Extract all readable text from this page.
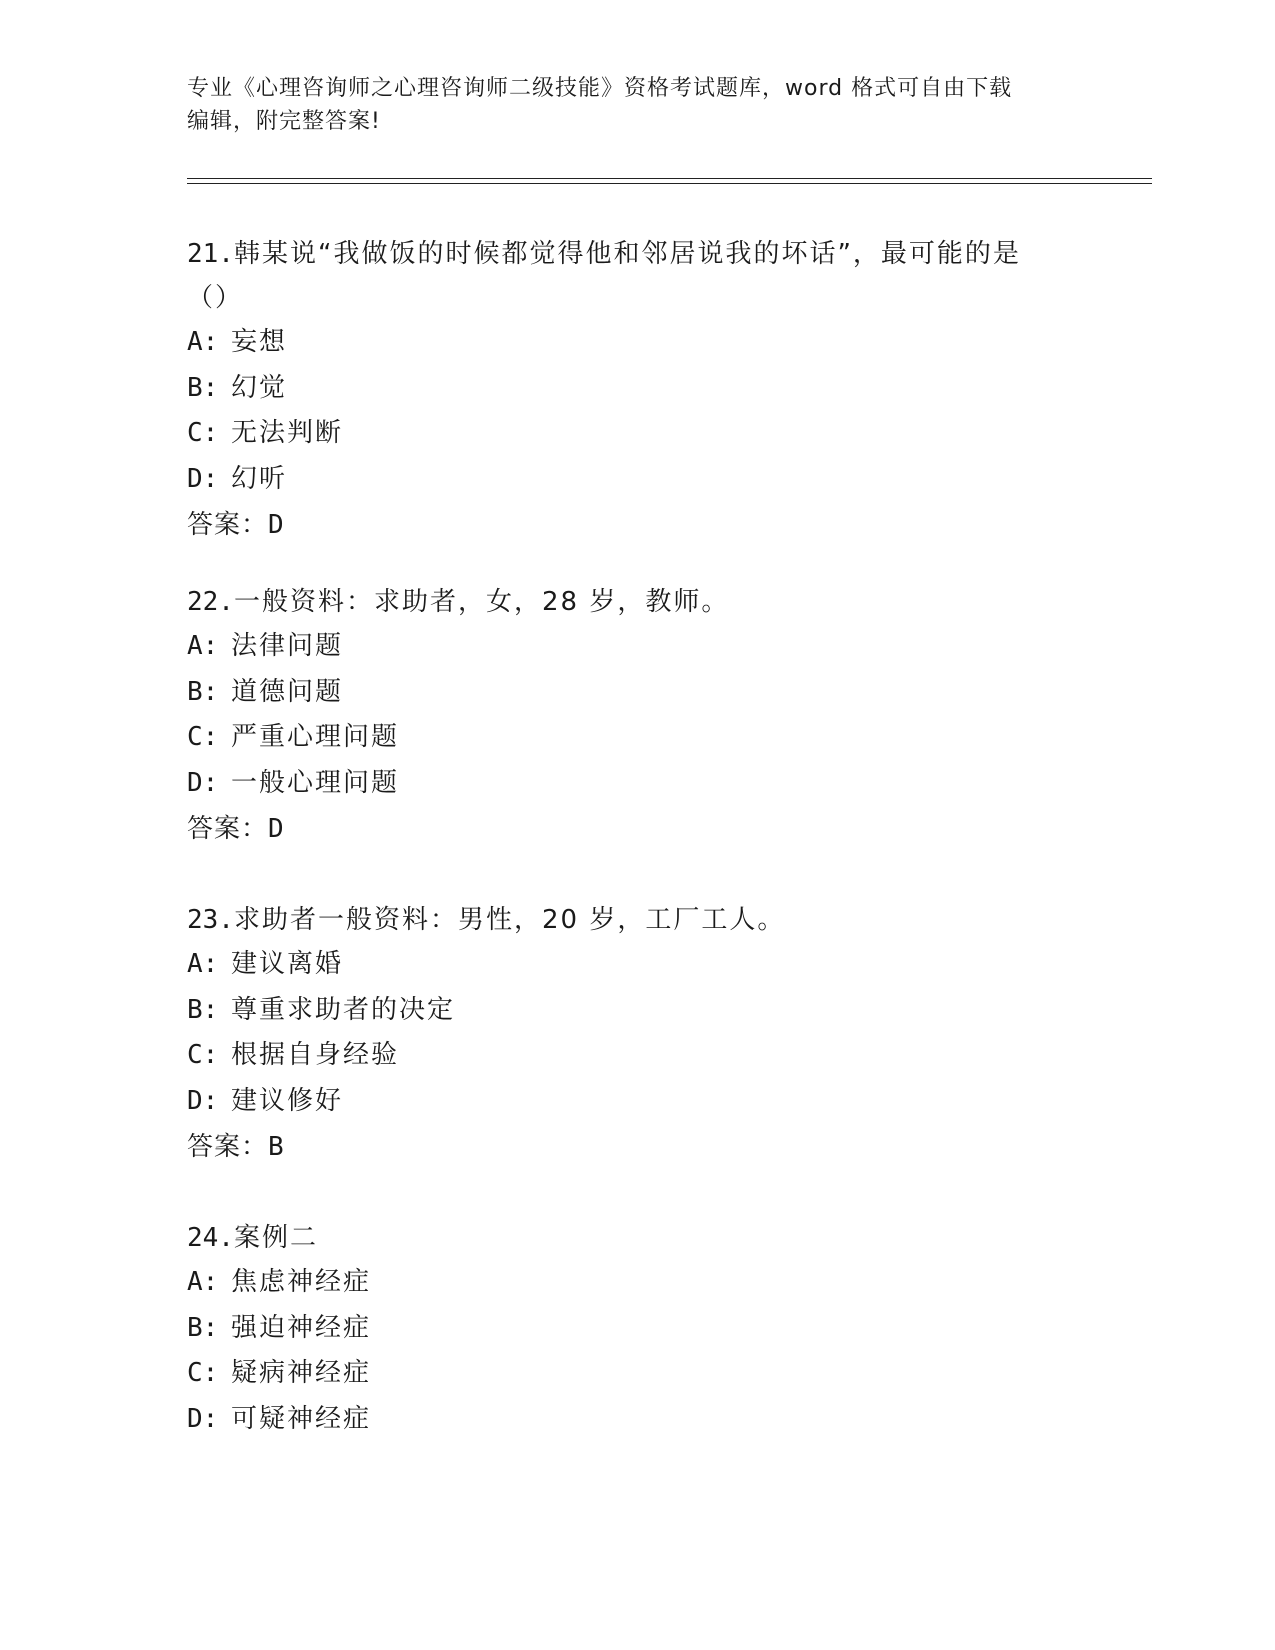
专业《心理咨询师之心理咨询师二级技能》资格考试题库，word 格式可自由下载
编辑，附完整答案!

21.韩某说“我做饭的时候都觉得他和邻居说我的坏话”，最可能的是

（）

A: 妄想
B: 幻觉
C: 无法判断
D: 幻听
答案：D

22.一般资料：求助者，女，28 岁，教师。

A: 法律问题
B: 道德问题
C: 严重心理问题
D: 一般心理问题
答案：D

23.求助者一般资料：男性，20 岁，工厂工人。

A: 建议离婚
B: 尊重求助者的决定
C: 根据自身经验
D: 建议修好
答案：B

24.案例二

A: 焦虑神经症
B: 强迫神经症
C: 疑病神经症
D: 可疑神经症
